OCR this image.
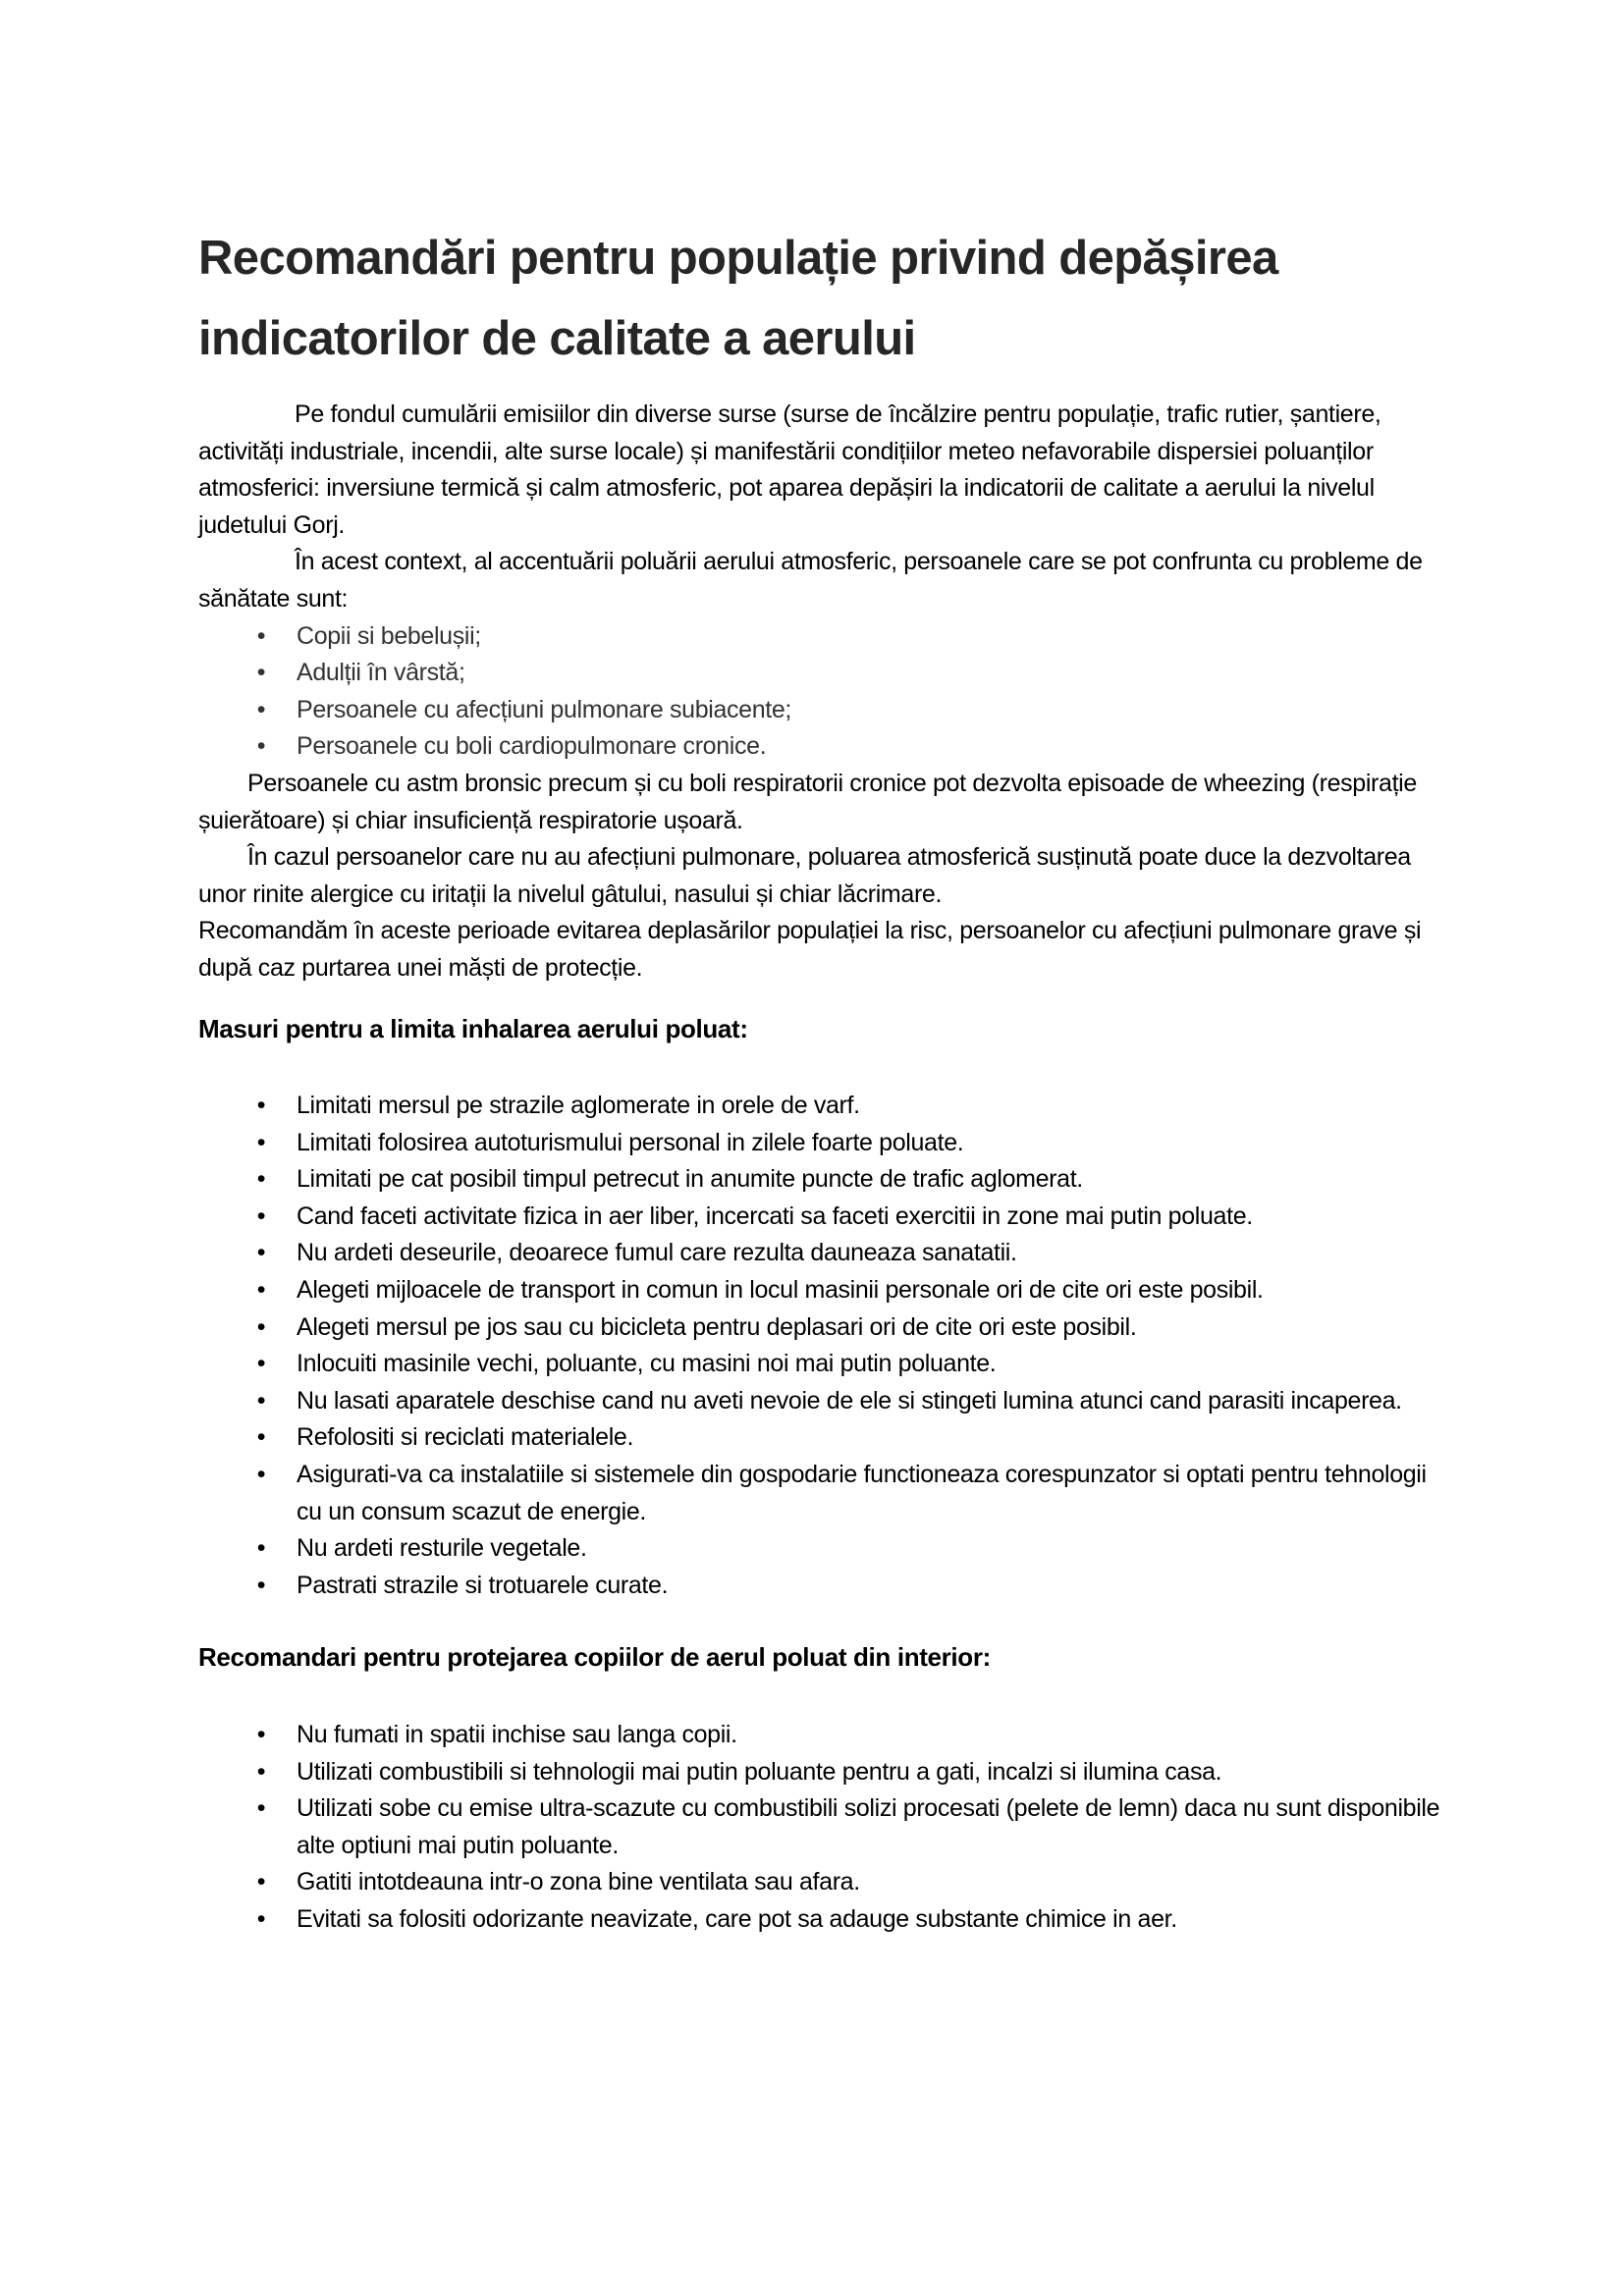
Recomandări pentru populație privind depășirea indicatorilor de calitate a aerului

Pe fondul cumulării emisiilor din diverse surse (surse de încălzire pentru populație, trafic rutier, șantiere, activități industriale, incendii, alte surse locale) și manifestării condițiilor meteo nefavorabile dispersiei poluanților atmosferici: inversiune termică și calm atmosferic, pot aparea depășiri la indicatorii de calitate a aerului la nivelul judetului Gorj.

În acest context, al accentuării poluării aerului atmosferic, persoanele care se pot confrunta cu probleme de sănătate sunt:

• Copii si bebelușii;
• Adulții în vârstă;
• Persoanele cu afecțiuni pulmonare subiacente;
• Persoanele cu boli cardiopulmonare cronice.

Persoanele cu astm bronsic precum și cu boli respiratorii cronice pot dezvolta episoade de wheezing (respirație șuierătoare) și chiar insuficiență respiratorie ușoară.

În cazul persoanelor care nu au afecțiuni pulmonare, poluarea atmosferică susținută poate duce la dezvoltarea unor rinite alergice cu iritații la nivelul gâtului, nasului și chiar lăcrimare.

Recomandăm în aceste perioade evitarea deplasărilor populației la risc, persoanelor cu afecțiuni pulmonare grave și după caz purtarea unei măști de protecție.

Masuri pentru a limita inhalarea aerului poluat:
• Limitati mersul pe strazile aglomerate in orele de varf.
• Limitati folosirea autoturismului personal in zilele foarte poluate.
• Limitati pe cat posibil timpul petrecut in anumite puncte de trafic aglomerat.
• Cand faceti activitate fizica in aer liber, incercati sa faceti exercitii in zone mai putin poluate.
• Nu ardeti deseurile, deoarece fumul care rezulta dauneaza sanatatii.
• Alegeti mijloacele de transport in comun in locul masinii personale ori de cite ori este posibil.
• Alegeti mersul pe jos sau cu bicicleta pentru deplasari ori de cite ori este posibil.
• Inlocuiti masinile vechi, poluante, cu masini noi mai putin poluante.
• Nu lasati aparatele deschise cand nu aveti nevoie de ele si stingeti lumina atunci cand parasiti incaperea.
• Refolositi si reciclati materialele.
• Asigurati-va ca instalatiile si sistemele din gospodarie functioneaza corespunzator si optati pentru tehnologii cu un consum scazut de energie.
• Nu ardeti resturile vegetale.
• Pastrati strazile si trotuarele curate.
Recomandari pentru protejarea copiilor de aerul poluat din interior:
• Nu fumati in spatii inchise sau langa copii.
• Utilizati combustibili si tehnologii mai putin poluante pentru a gati, incalzi si ilumina casa.
• Utilizati sobe cu emise ultra-scazute cu combustibili solizi procesati (pelete de lemn) daca nu sunt disponibile alte optiuni mai putin poluante.
• Gatiti intotdeauna intr-o zona bine ventilata sau afara.
• Evitati sa folositi odorizante neavizate, care pot sa adauge substante chimice in aer.
